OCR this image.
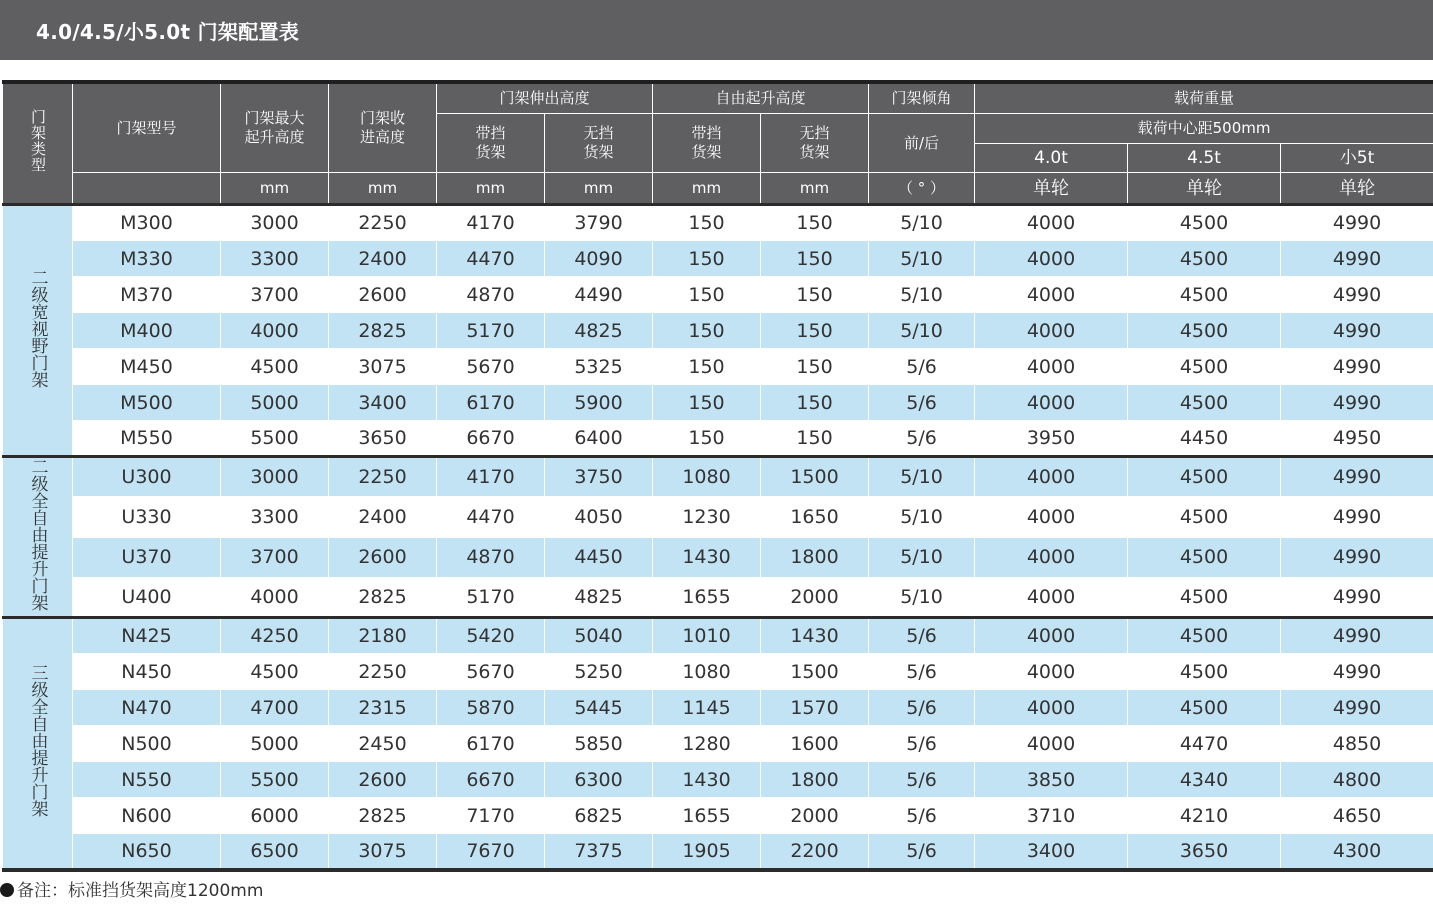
4.0/4.5/小5.0t 门架配置表
门架类型	门架型号	门架最大起升高度	门架收进高度	门架伸出高度		自由起升高度		门架倾角	载荷重量		
				带挡货架	无挡货架	带挡货架	无挡货架	前/后	载荷中心距500mm		
									4.0t	4.5t	小5t
		mm	mm	mm	mm	mm	mm	（ ° ）	单轮	单轮	单轮
二级宽视野门架	M300	3000	2250	4170	3790	150	150	5/10	4000	4500	4990
	M330	3300	2400	4470	4090	150	150	5/10	4000	4500	4990
	M370	3700	2600	4870	4490	150	150	5/10	4000	4500	4990
	M400	4000	2825	5170	4825	150	150	5/10	4000	4500	4990
	M450	4500	3075	5670	5325	150	150	5/6	4000	4500	4990
	M500	5000	3400	6170	5900	150	150	5/6	4000	4500	4990
	M550	5500	3650	6670	6400	150	150	5/6	3950	4450	4950
二级全自由提升门架	U300	3000	2250	4170	3750	1080	1500	5/10	4000	4500	4990
	U330	3300	2400	4470	4050	1230	1650	5/10	4000	4500	4990
	U370	3700	2600	4870	4450	1430	1800	5/10	4000	4500	4990
	U400	4000	2825	5170	4825	1655	2000	5/10	4000	4500	4990
三级全自由提升门架	N425	4250	2180	5420	5040	1010	1430	5/6	4000	4500	4990
	N450	4500	2250	5670	5250	1080	1500	5/6	4000	4500	4990
	N470	4700	2315	5870	5445	1145	1570	5/6	4000	4500	4990
	N500	5000	2450	6170	5850	1280	1600	5/6	4000	4470	4850
	N550	5500	2600	6670	6300	1430	1800	5/6	3850	4340	4800
	N600	6000	2825	7170	6825	1655	2000	5/6	3710	4210	4650
	N650	6500	3075	7670	7375	1905	2200	5/6	3400	3650	4300
备注：标准挡货架高度1200mm
